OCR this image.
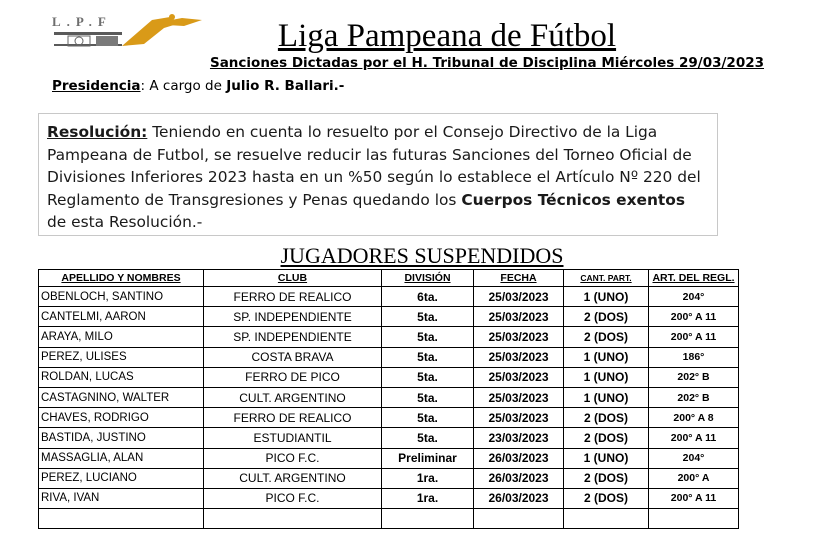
L.P.F	Liga Pampeana de Fútbol
Sanciones Dictadas por el H. Tribunal de Disciplina Miércoles 29/03/2023
Presidencia: A cargo de Julio R. Ballari.-
Resolución: Teniendo en cuenta lo resuelto por el Consejo Directivo de la Liga Pampeana de Futbol, se resuelve reducir las futuras Sanciones del Torneo Oficial de Divisiones Inferiores 2023 hasta en un %50 según lo establece el Artículo Nº 220 del Reglamento de Transgresiones y Penas quedando los Cuerpos Técnicos exentos de esta Resolución.-
JUGADORES SUSPENDIDOS
APELLIDO Y NOMBRES	CLUB	DIVISIÓN	FECHA	CANT. PART.	ART. DEL REGL.
OBENLOCH, SANTINO	FERRO DE REALICO	6ta.	25/03/2023	1 (UNO)	204°
CANTELMI, AARON	SP. INDEPENDIENTE	5ta.	25/03/2023	2 (DOS)	200° A 11
ARAYA, MILO	SP. INDEPENDIENTE	5ta.	25/03/2023	2 (DOS)	200° A 11
PEREZ, ULISES	COSTA BRAVA	5ta.	25/03/2023	1 (UNO)	186°
ROLDAN, LUCAS	FERRO DE PICO	5ta.	25/03/2023	1 (UNO)	202° B
CASTAGNINO, WALTER	CULT. ARGENTINO	5ta.	25/03/2023	1 (UNO)	202° B
CHAVES, RODRIGO	FERRO DE REALICO	5ta.	25/03/2023	2 (DOS)	200° A 8
BASTIDA, JUSTINO	ESTUDIANTIL	5ta.	23/03/2023	2 (DOS)	200° A 11
MASSAGLIA, ALAN	PICO F.C.	Preliminar	26/03/2023	1 (UNO)	204°
PEREZ, LUCIANO	CULT. ARGENTINO	1ra.	26/03/2023	2 (DOS)	200° A
RIVA, IVAN	PICO F.C.	1ra.	26/03/2023	2 (DOS)	200° A 11
